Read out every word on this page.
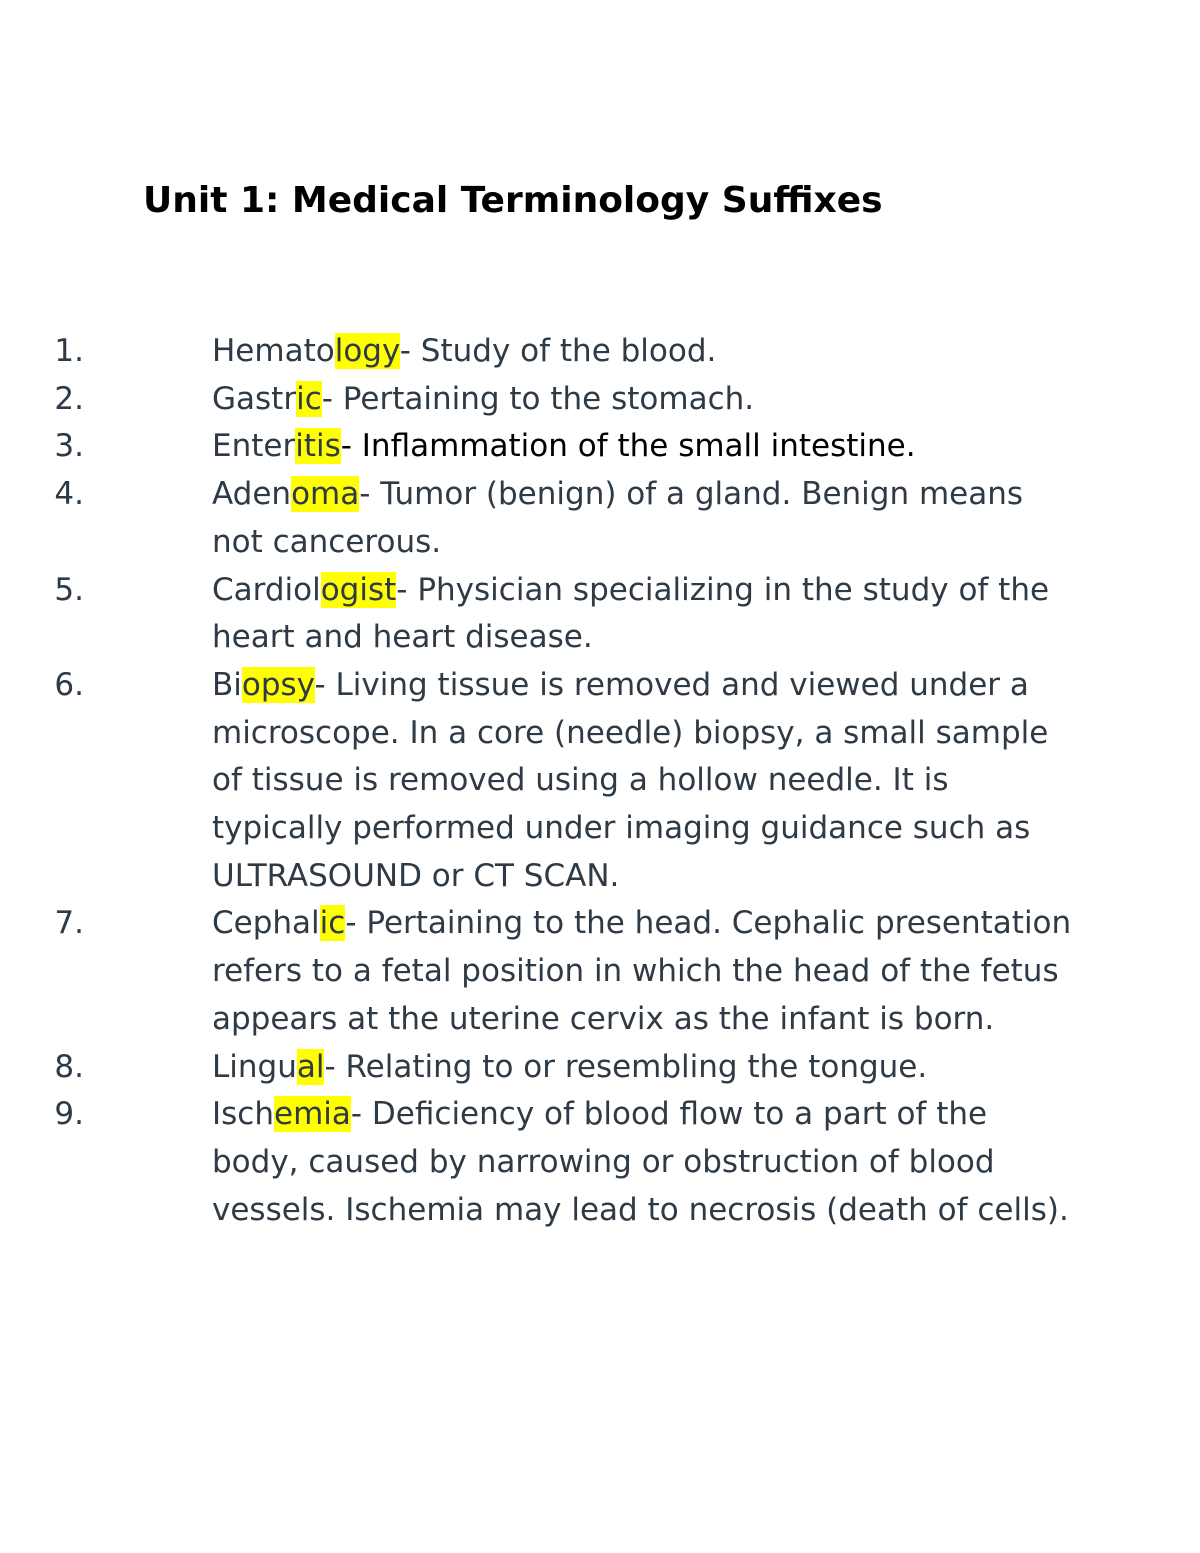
Unit 1: Medical Terminology Suffixes
1.	Hematology- Study of the blood.
2.	Gastric- Pertaining to the stomach.
3.	Enteritis- Inflammation of the small intestine.
4.	Adenoma- Tumor (benign) of a gland. Benign means not cancerous.
5.	Cardiologist- Physician specializing in the study of the heart and heart disease.
6.	Biopsy- Living tissue is removed and viewed under a microscope. In a core (needle) biopsy, a small sample of tissue is removed using a hollow needle. It is typically performed under imaging guidance such as ULTRASOUND or CT SCAN.
7.	Cephalic- Pertaining to the head. Cephalic presentation refers to a fetal position in which the head of the fetus appears at the uterine cervix as the infant is born.
8.	Lingual- Relating to or resembling the tongue.
9.	Ischemia- Deficiency of blood flow to a part of the body, caused by narrowing or obstruction of blood vessels. Ischemia may lead to necrosis (death of cells).
